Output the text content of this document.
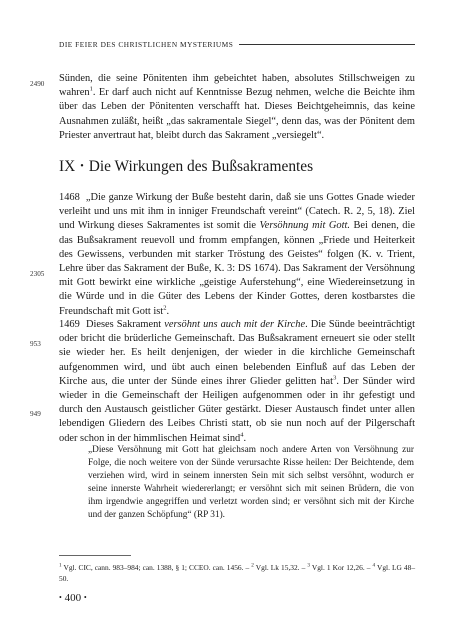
DIE FEIER DES CHRISTLICHEN MYSTERIUMS
2490	Sünden, die seine Pönitenten ihm gebeichtet haben, absolutes Stillschweigen zu wahren$^1$. Er darf auch nicht auf Kenntnisse Bezug nehmen, welche die Beichte ihm über das Leben der Pönitenten verschafft hat. Dieses Beichtgeheimnis, das keine Ausnahmen zuläßt, heißt „das sakramentale Siegel“, denn das, was der Pönitent dem Priester anvertraut hat, bleibt durch das Sakrament „versiegelt“.

IX • Die Wirkungen des Bußsakramentes
2305

1468 „Die ganze Wirkung der Buße besteht darin, daß sie uns Gottes Gnade wieder verleiht und uns mit ihm in inniger Freundschaft vereint“ (Catech. R. 2, 5, 18). Ziel und Wirkung dieses Sakramentes ist somit die Versöhnung mit Gott. Bei denen, die das Bußsakrament reuevoll und fromm empfangen, können „Friede und Heiterkeit des Gewissens, verbunden mit starker Tröstung des Geistes“ folgen (K. v. Trient, Lehre über das Sakrament der Buße, K. 3: DS 1674). Das Sakrament der Versöhnung mit Gott bewirkt eine wirkliche „geistige Auferstehung“, eine Wiedereinsetzung in die Würde und in die Güter des Lebens der Kinder Gottes, deren kostbarstes die Freundschaft mit Gott ist$^2$.

953
949

1469 Dieses Sakrament versöhnt uns auch mit der Kirche. Die Sünde beeinträchtigt oder bricht die brüderliche Gemeinschaft. Das Bußsakrament erneuert sie oder stellt sie wieder her. Es heilt denjenigen, der wieder in die kirchliche Gemeinschaft aufgenommen wird, und übt auch einen belebenden Einfluß auf das Leben der Kirche aus, die unter der Sünde eines ihrer Glieder gelitten hat$^3$. Der Sünder wird wieder in die Gemeinschaft der Heiligen aufgenommen oder in ihr gefestigt und durch den Austausch geistlicher Güter gestärkt. Dieser Austausch findet unter allen lebendigen Gliedern des Leibes Christi statt, ob sie nun noch auf der Pilgerschaft oder schon in der himmlischen Heimat sind$^4$.

„Diese Versöhnung mit Gott hat gleichsam noch andere Arten von Versöhnung zur Folge, die noch weitere von der Sünde verursachte Risse heilen: Der Beichtende, dem verziehen wird, wird in seinem innersten Sein mit sich selbst versöhnt, wodurch er seine innerste Wahrheit wiedererlangt; er versöhnt sich mit seinen Brüdern, die von ihm irgendwie angegriffen und verletzt worden sind; er versöhnt sich mit der Kirche und der ganzen Schöpfung“ (RP 31).

$^1$ Vgl. CIC, cann. 983–984; can. 1388, § 1; CCEO. can. 1456. – $^2$ Vgl. Lk 15,32. – $^3$ Vgl. 1 Kor 12,26. – $^4$ Vgl. LG 48–50.

• 400 •
